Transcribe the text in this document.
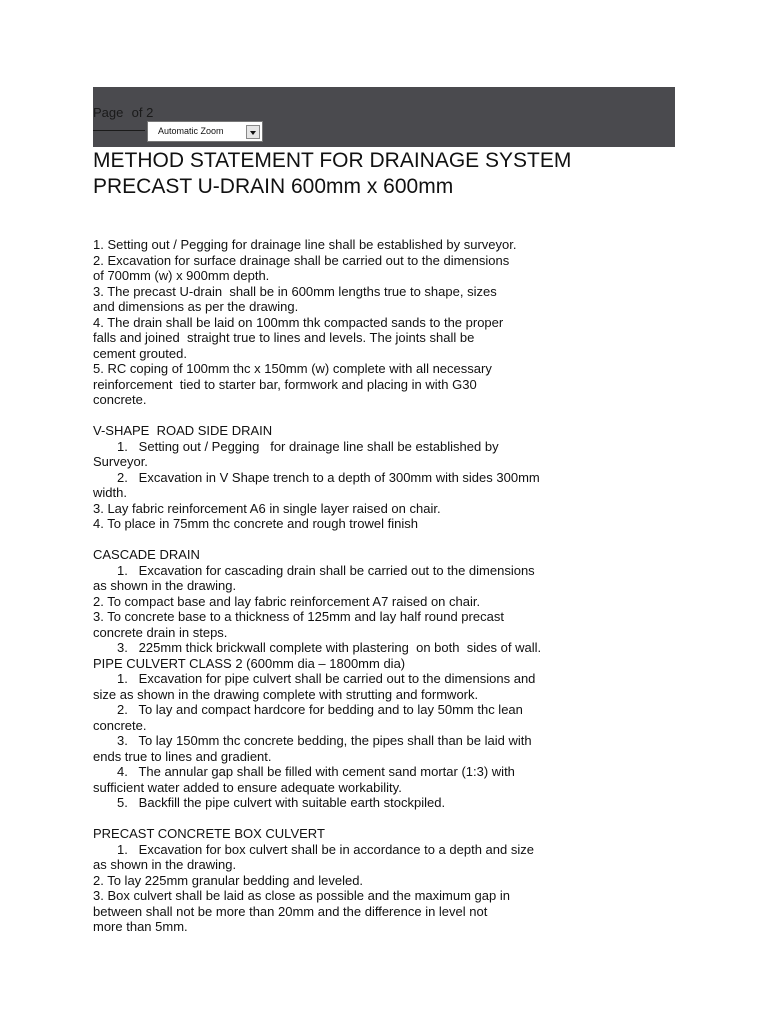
Page of 2
Automatic Zoom
METHOD STATEMENT FOR DRAINAGE SYSTEM
PRECAST U-DRAIN 600mm x 600mm
1. Setting out / Pegging for drainage line shall be established by surveyor.
2. Excavation for surface drainage shall be carried out to the dimensions
of 700mm (w) x 900mm depth.
3. The precast U-drain  shall be in 600mm lengths true to shape, sizes
and dimensions as per the drawing.
4. The drain shall be laid on 100mm thk compacted sands to the proper
falls and joined  straight true to lines and levels. The joints shall be
cement grouted.
5. RC coping of 100mm thc x 150mm (w) complete with all necessary
reinforcement  tied to starter bar, formwork and placing in with G30
concrete.
V-SHAPE  ROAD SIDE DRAIN
1.   Setting out / Pegging   for drainage line shall be established by
Surveyor.
2.   Excavation in V Shape trench to a depth of 300mm with sides 300mm
width.
3. Lay fabric reinforcement A6 in single layer raised on chair.
4. To place in 75mm thc concrete and rough trowel finish
CASCADE DRAIN
1.   Excavation for cascading drain shall be carried out to the dimensions
as shown in the drawing.
2. To compact base and lay fabric reinforcement A7 raised on chair.
3. To concrete base to a thickness of 125mm and lay half round precast
concrete drain in steps.
3.   225mm thick brickwall complete with plastering  on both  sides of wall.
PIPE CULVERT CLASS 2 (600mm dia – 1800mm dia)
1.   Excavation for pipe culvert shall be carried out to the dimensions and
size as shown in the drawing complete with strutting and formwork.
2.   To lay and compact hardcore for bedding and to lay 50mm thc lean
concrete.
3.   To lay 150mm thc concrete bedding, the pipes shall than be laid with
ends true to lines and gradient.
4.   The annular gap shall be filled with cement sand mortar (1:3) with
sufficient water added to ensure adequate workability.
5.   Backfill the pipe culvert with suitable earth stockpiled.
PRECAST CONCRETE BOX CULVERT
1.   Excavation for box culvert shall be in accordance to a depth and size
as shown in the drawing.
2. To lay 225mm granular bedding and leveled.
3. Box culvert shall be laid as close as possible and the maximum gap in
between shall not be more than 20mm and the difference in level not
more than 5mm.
